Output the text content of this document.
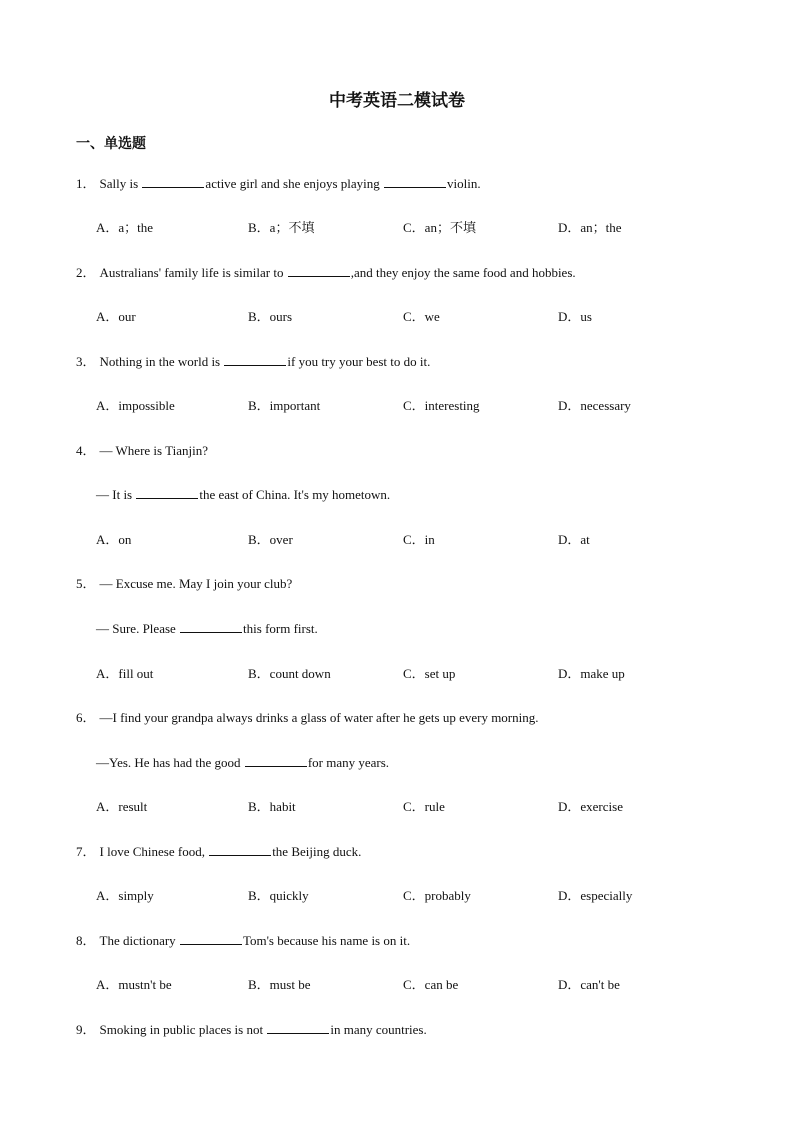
中考英语二模试卷
一、单选题
1． Sally is	active girl and she enjoys playing	violin.
A．a；the	B．a；不填	C．an；不填	D．an；the
2． Australians' family life is similar to	,and they enjoy the same food and hobbies.
A．our	B．ours	C．we	D．us
3． Nothing in the world is	if you try your best to do it.
A．impossible	B．important	C．interesting	D．necessary
4． — Where is Tianjin?
— It is	the east of China. It's my hometown.
A．on	B．over	C．in	D．at
5． — Excuse me. May I join your club?
— Sure. Please	this form first.
A．fill out	B．count down	C．set up	D．make up
6． —I find your grandpa always drinks a glass of water after he gets up every morning.
—Yes. He has had the good	for many years.
A．result	B．habit	C．rule	D．exercise
7． I love Chinese food,	the Beijing duck.
A．simply	B．quickly	C．probably	D．especially
8． The dictionary	Tom's because his name is on it.
A．mustn't be	B．must be	C．can be	D．can't be
9． Smoking in public places is not	in many countries.
